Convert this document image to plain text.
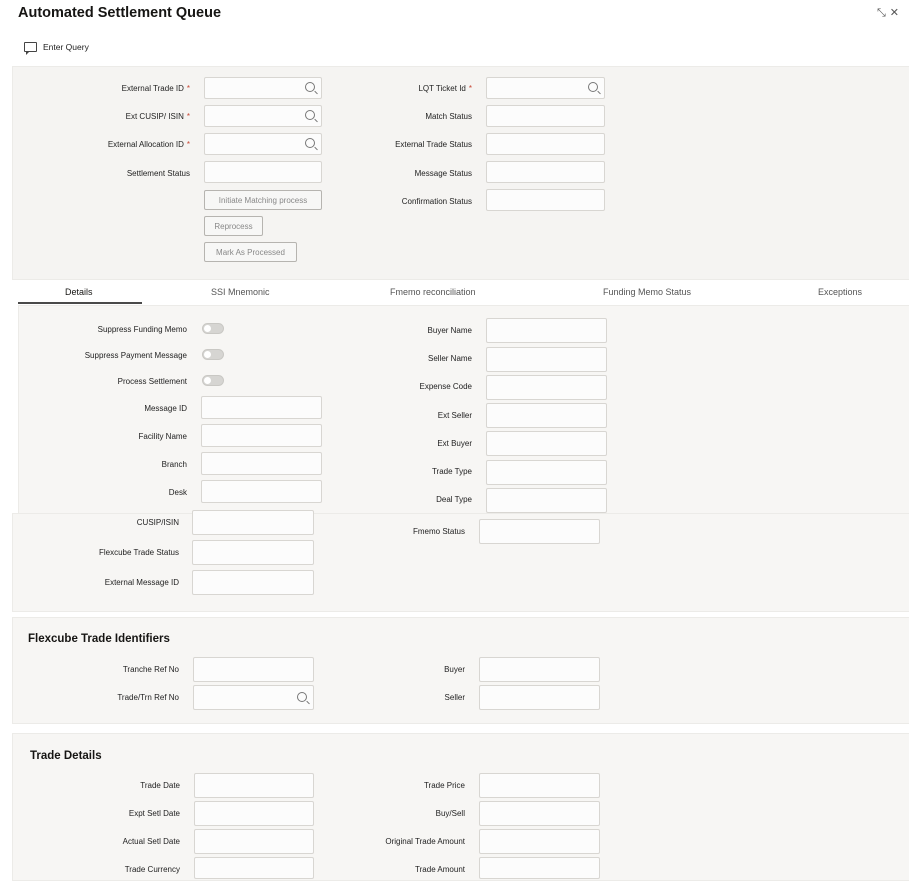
Automated Settlement Queue	⤡✕
Enter Query
External Trade ID *
Ext CUSIP/ ISIN *
External Allocation ID *
Settlement Status
Initiate Matching process
Reprocess
Mark As Processed
LQT Ticket Id *
Match Status
External Trade Status
Message Status
Confirmation Status
Details	SSI Mnemonic	Fmemo reconciliation	Funding Memo Status	Exceptions
Suppress Funding Memo
Suppress Payment Message
Process Settlement
Message ID
Facility Name
Branch
Desk
Buyer Name
Seller Name
Expense Code
Ext Seller
Ext Buyer
Trade Type
Deal Type
CUSIP/ISIN
Flexcube Trade Status
External Message ID
Fmemo Status
Flexcube Trade Identifiers
Tranche Ref No
Trade/Trn Ref No
Buyer
Seller
Trade Details
Trade Date
Expt Setl Date
Actual Setl Date
Trade Currency
Trade Price
Buy/Sell
Original Trade Amount
Trade Amount
